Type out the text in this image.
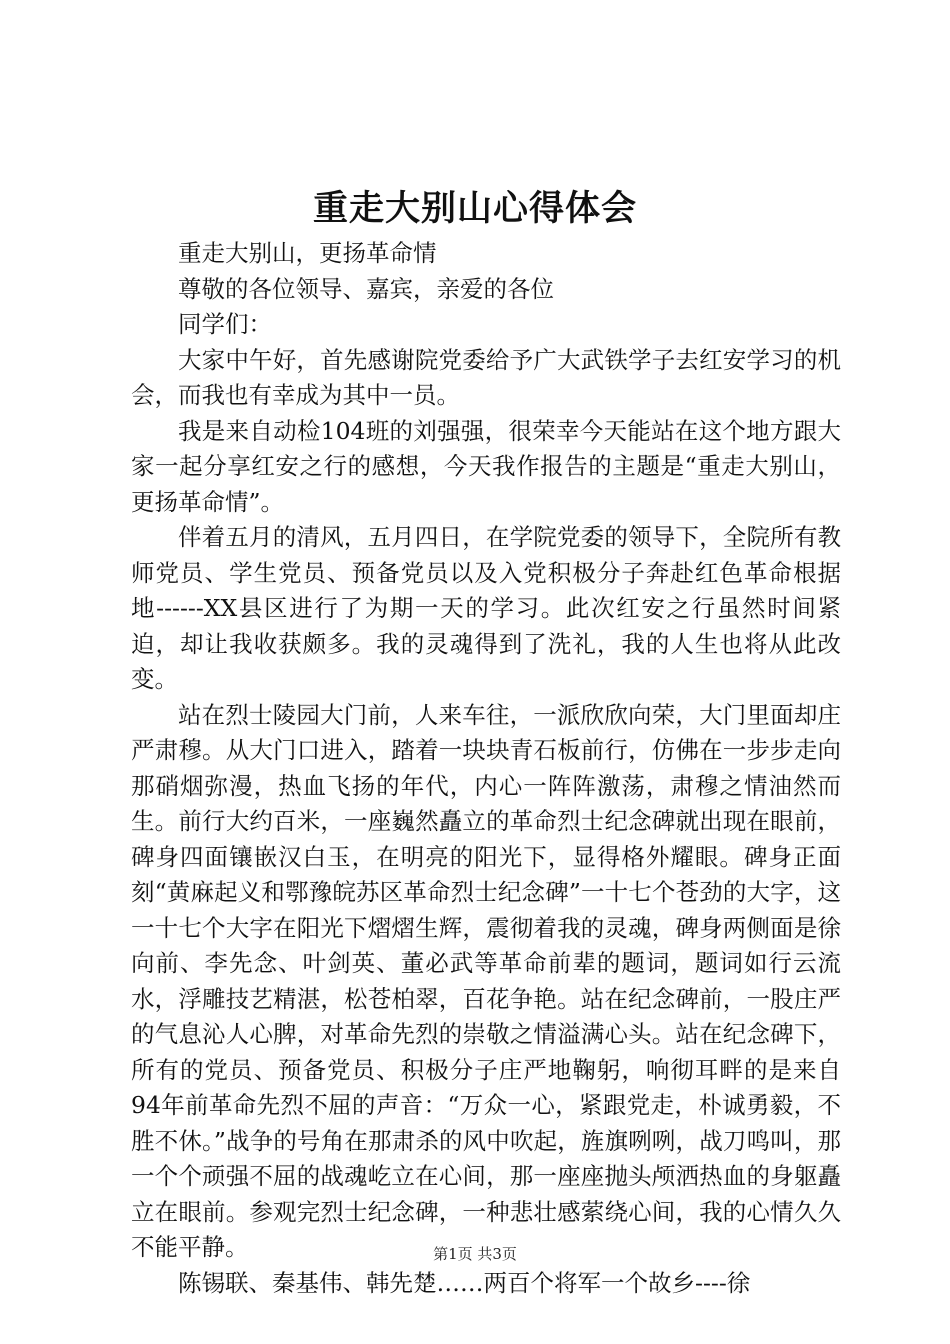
重走大别山心得体会

重走大别山，更扬革命情

尊敬的各位领导、嘉宾，亲爱的各位

同学们：

大家中午好，首先感谢院党委给予广大武铁学子去红安学习的机会，而我也有幸成为其中一员。

我是来自动检104班的刘强强，很荣幸今天能站在这个地方跟大家一起分享红安之行的感想，今天我作报告的主题是“重走大别山，更扬革命情”。

伴着五月的清风，五月四日，在学院党委的领导下，全院所有教师党员、学生党员、预备党员以及入党积极分子奔赴红色革命根据地------XX县区进行了为期一天的学习。此次红安之行虽然时间紧迫，却让我收获颇多。我的灵魂得到了洗礼，我的人生也将从此改变。

站在烈士陵园大门前，人来车往，一派欣欣向荣，大门里面却庄严肃穆。从大门口进入，踏着一块块青石板前行，仿佛在一步步走向那硝烟弥漫，热血飞扬的年代，内心一阵阵激荡，肃穆之情油然而生。前行大约百米，一座巍然矗立的革命烈士纪念碑就出现在眼前，碑身四面镶嵌汉白玉，在明亮的阳光下，显得格外耀眼。碑身正面刻“黄麻起义和鄂豫皖苏区革命烈士纪念碑”一十七个苍劲的大字，这一十七个大字在阳光下熠熠生辉，震彻着我的灵魂，碑身两侧面是徐向前、李先念、叶剑英、董必武等革命前辈的题词，题词如行云流水，浮雕技艺精湛，松苍柏翠，百花争艳。站在纪念碑前，一股庄严的气息沁人心脾，对革命先烈的崇敬之情溢满心头。站在纪念碑下，所有的党员、预备党员、积极分子庄严地鞠躬，响彻耳畔的是来自94年前革命先烈不屈的声音：“万众一心，紧跟党走，朴诚勇毅，不胜不休。”战争的号角在那肃杀的风中吹起，旌旗咧咧，战刀鸣叫，那一个个顽强不屈的战魂屹立在心间，那一座座抛头颅洒热血的身躯矗立在眼前。参观完烈士纪念碑，一种悲壮感萦绕心间，我的心情久久不能平静。

陈锡联、秦基伟、韩先楚……两百个将军一个故乡----徐

第1页 共3页
